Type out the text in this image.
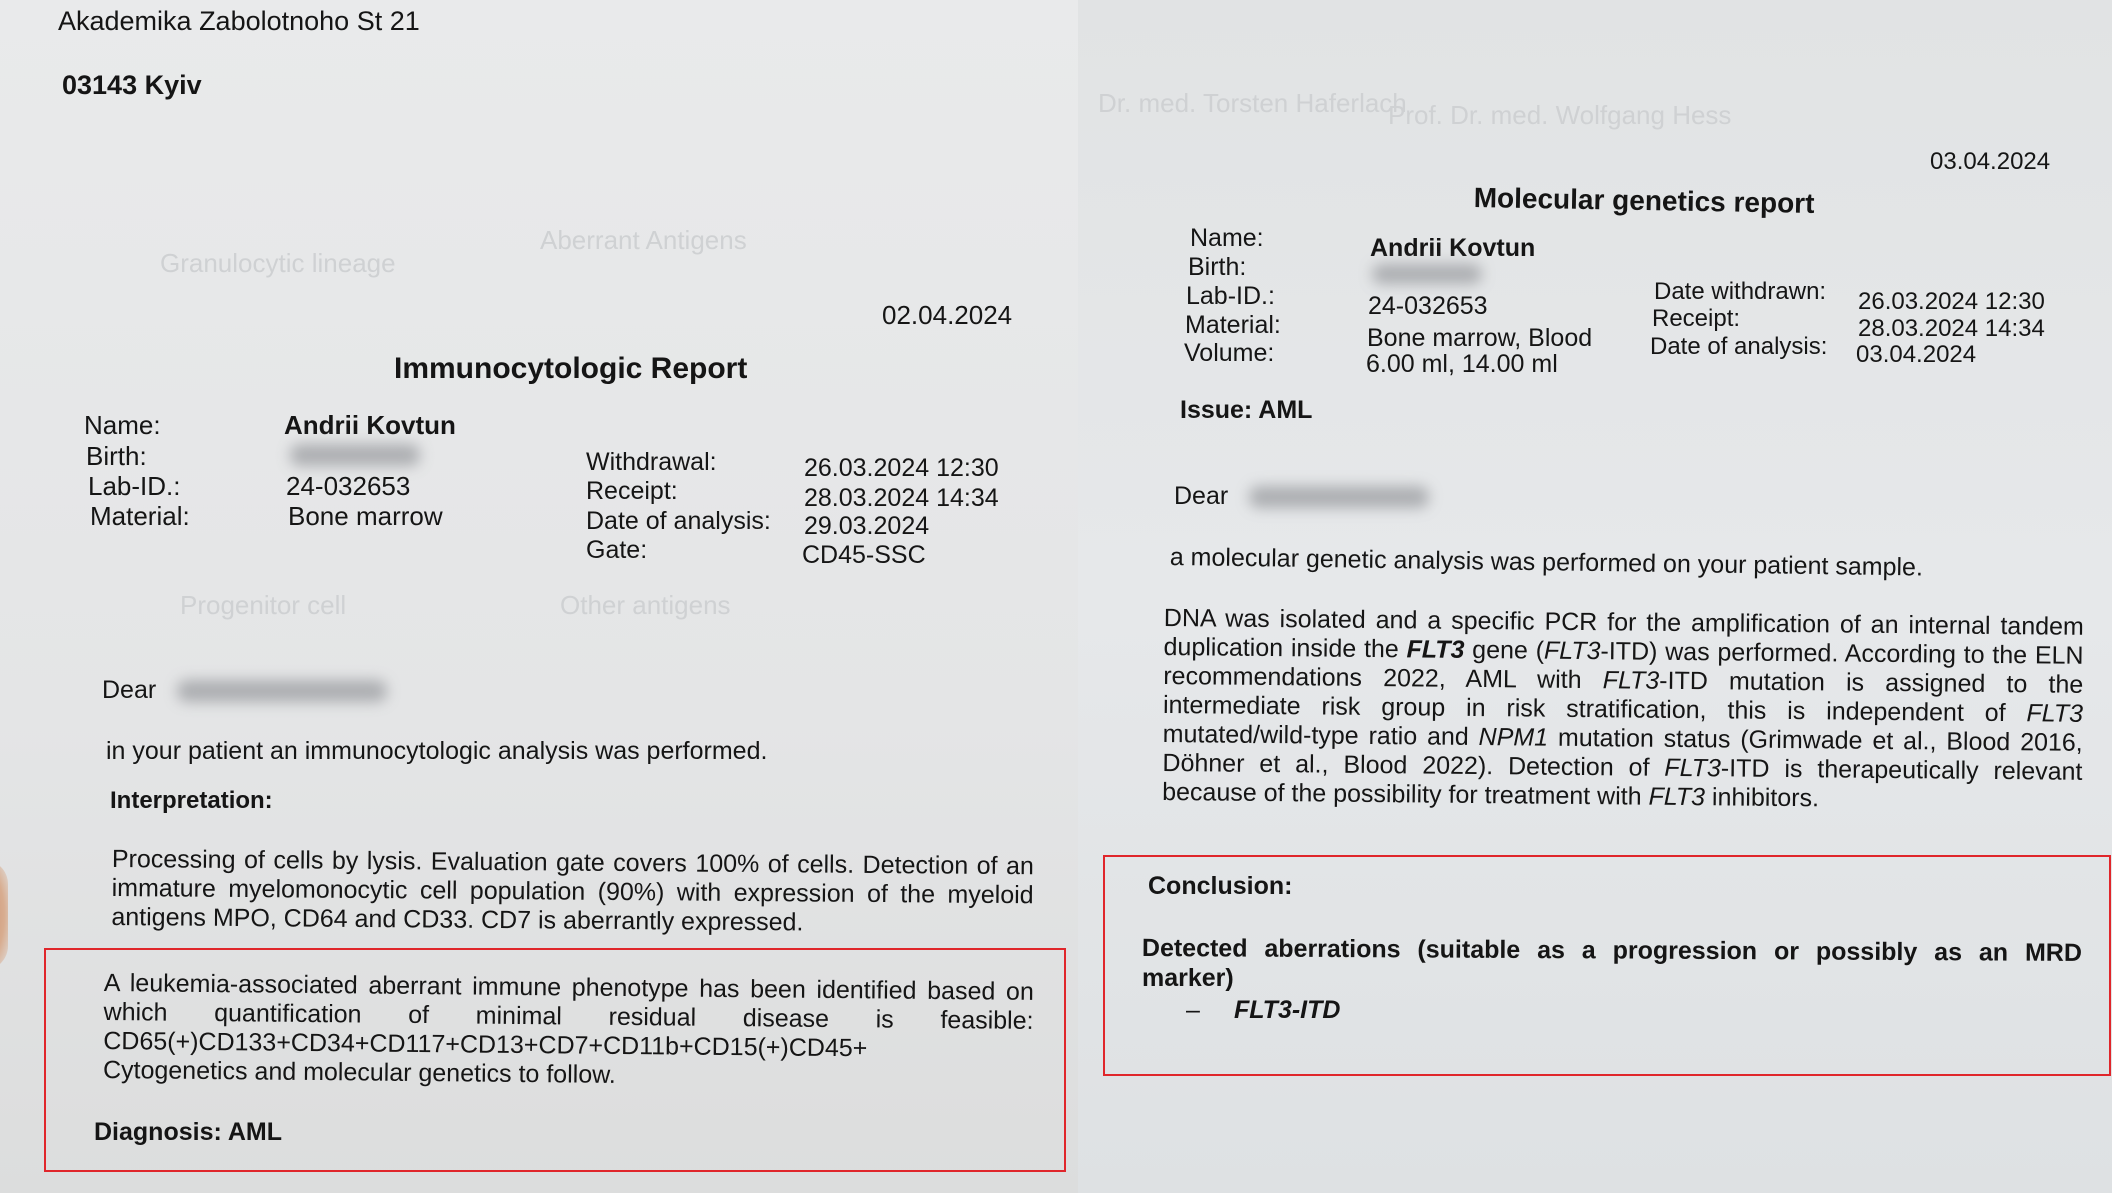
Aberrant Antigens
Granulocytic lineage
Progenitor cell	Other antigens
Akademika Zabolotnoho St 21
03143 Kyiv
02.04.2024
Immunocytologic Report
Name:	Andrii Kovtun
Birth:
Lab-ID.:	24-032653
Material:	Bone marrow
Withdrawal:	26.03.2024 12:30
Receipt:	28.03.2024 14:34
Date of analysis: 29.03.2024
Gate:	CD45-SSC
Dear
in your patient an immunocytologic analysis was performed.
Interpretation:
Processing of cells by lysis. Evaluation gate covers 100% of cells. Detection of an
immature myelomonocytic cell population (90%) with expression of the myeloid
antigens MPO, CD64 and CD33. CD7 is aberrantly expressed.
A leukemia-associated aberrant immune phenotype has been identified based on
which quantification of minimal residual disease is feasible:
CD65(+)CD133+CD34+CD117+CD13+CD7+CD11b+CD15(+)CD45+
Cytogenetics and molecular genetics to follow.
Diagnosis: AML
Prof. Dr. med. Wolfgang Hess
Dr. med. Torsten Haferlach
03.04.2024
Molecular genetics report
Name:	Andrii Kovtun
Birth:
Lab-ID.:	24-032653
Material:	Bone marrow, Blood
Volume:	6.00 ml, 14.00 ml
Date withdrawn: 26.03.2024 12:30
Receipt:	28.03.2024 14:34
Date of analysis: 03.04.2024
Issue: AML
Dear
a molecular genetic analysis was performed on your patient sample.
DNA was isolated and a specific PCR for the amplification of an internal tandem
duplication inside the FLT3 gene (FLT3-ITD) was performed. According to the ELN
recommendations 2022, AML with FLT3-ITD mutation is assigned to the
intermediate risk group in risk stratification, this is independent of FLT3
mutated/wild-type ratio and NPM1 mutation status (Grimwade et al., Blood 2016,
Döhner et al., Blood 2022). Detection of FLT3-ITD is therapeutically relevant
because of the possibility for treatment with FLT3 inhibitors.
Conclusion:
Detected aberrations (suitable as a progression or possibly as an MRD
marker)
– FLT3-ITD
